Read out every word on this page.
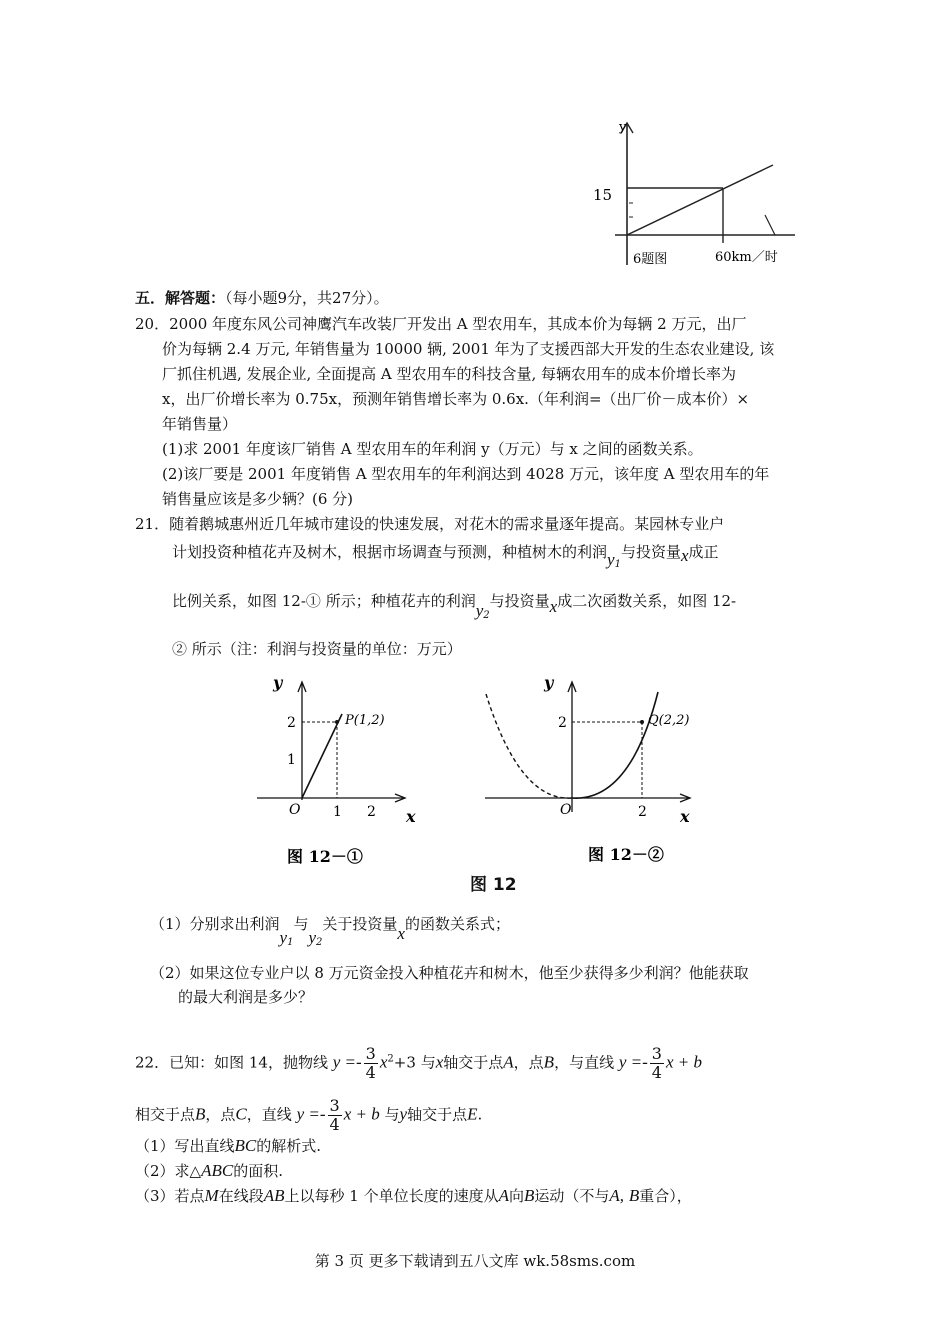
y
15
60km／时
6题图
五．解答题：（每小题9分，共27分）。
20．2000 年度东风公司神鹰汽车改装厂开发出 A 型农用车，其成本价为每辆 2 万元，出厂
价为每辆 2.4 万元, 年销售量为 10000 辆, 2001 年为了支援西部大开发的生态农业建设, 该
厂抓住机遇, 发展企业, 全面提高 A 型农用车的科技含量, 每辆农用车的成本价增长率为
x，出厂价增长率为 0.75x，预测年销售增长率为 0.6x.（年利润=（出厂价－成本价）×
年销售量）
(1)求 2001 年度该厂销售 A 型农用车的年利润 y（万元）与 x 之间的函数关系。
(2)该厂要是 2001 年度销售 A 型农用车的年利润达到 4028 万元，该年度 A 型农用车的年
销售量应该是多少辆？(6 分)
21．随着鹅城惠州近几年城市建设的快速发展，对花木的需求量逐年提高。某园林专业户
计划投资种植花卉及树木，根据市场调查与预测，种植树木的利润$y_1$与投资量x成正
比例关系，如图 12-① 所示；种植花卉的利润$y_2$与投资量x成二次函数关系，如图 12-
② 所示（注：利润与投资量的单位：万元）
y
2
1
O 1 2 x
P(1,2)
图 12－①
y
2
O	2 x
Q(2,2)
图 12－②
图 12
（1）分别求出利润$y_1$与$y_2$关于投资量x的函数关系式；
（2）如果这位专业户以 8 万元资金投入种植花卉和树木，他至少获得多少利润？他能获取
的最大利润是多少？
22．已知：如图 14，抛物线 $y =- \frac{3}{4} x^2+3$ 与x轴交于点A，点B，与直线 $y =- \frac{3}{4}$ x + b
相交于点B，点C，直线 $y =- \frac{3}{4}$ x + b 与y轴交于点E.
（1）写出直线BC的解析式.
（2）求△ABC的面积.
（3）若点M在线段AB上以每秒 1 个单位长度的速度从A向B运动（不与A, B重合），
第 3 页 更多下载请到五八文库 wk.58sms.com
